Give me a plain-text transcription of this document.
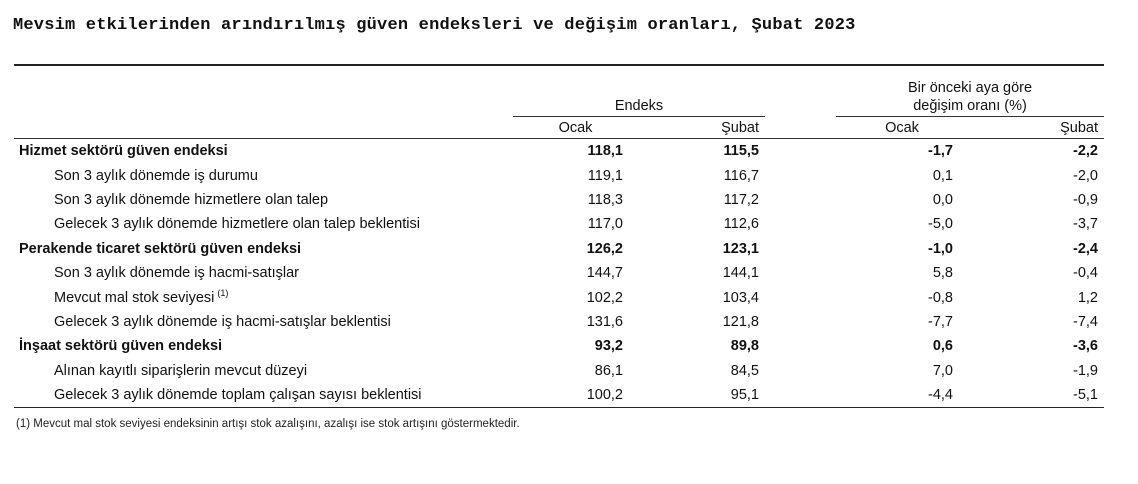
Mevsim etkilerinden arındırılmış güven endeksleri ve değişim oranları, Şubat 2023

				Bir önceki aya göre
değişim oranı (%)	

	Endeks				
	Ocak	Şubat		Ocak	Şubat
Hizmet sektörü güven endeksi	118,1	115,5		-1,7	-2,2
Son 3 aylık dönemde iş durumu	119,1	116,7		0,1	-2,0
Son 3 aylık dönemde hizmetlere olan talep	118,3	117,2		0,0	-0,9
Gelecek 3 aylık dönemde hizmetlere olan talep beklentisi	117,0	112,6		-5,0	-3,7
Perakende ticaret sektörü güven endeksi	126,2	123,1		-1,0	-2,4
Son 3 aylık dönemde iş hacmi-satışlar	144,7	144,1		5,8	-0,4
Mevcut mal stok seviyesi $^{(1)}$	102,2	103,4		-0,8	1,2
Gelecek 3 aylık dönemde iş hacmi-satışlar beklentisi	131,6	121,8		-7,7	-7,4
İnşaat sektörü güven endeksi	93,2	89,8		0,6	-3,6
Alınan kayıtlı siparişlerin mevcut düzeyi	86,1	84,5		7,0	-1,9
Gelecek 3 aylık dönemde toplam çalışan sayısı beklentisi	100,2	95,1		-4,4	-5,1
(1) Mevcut mal stok seviyesi endeksinin artışı stok azalışını, azalışı ise stok artışını göstermektedir.
